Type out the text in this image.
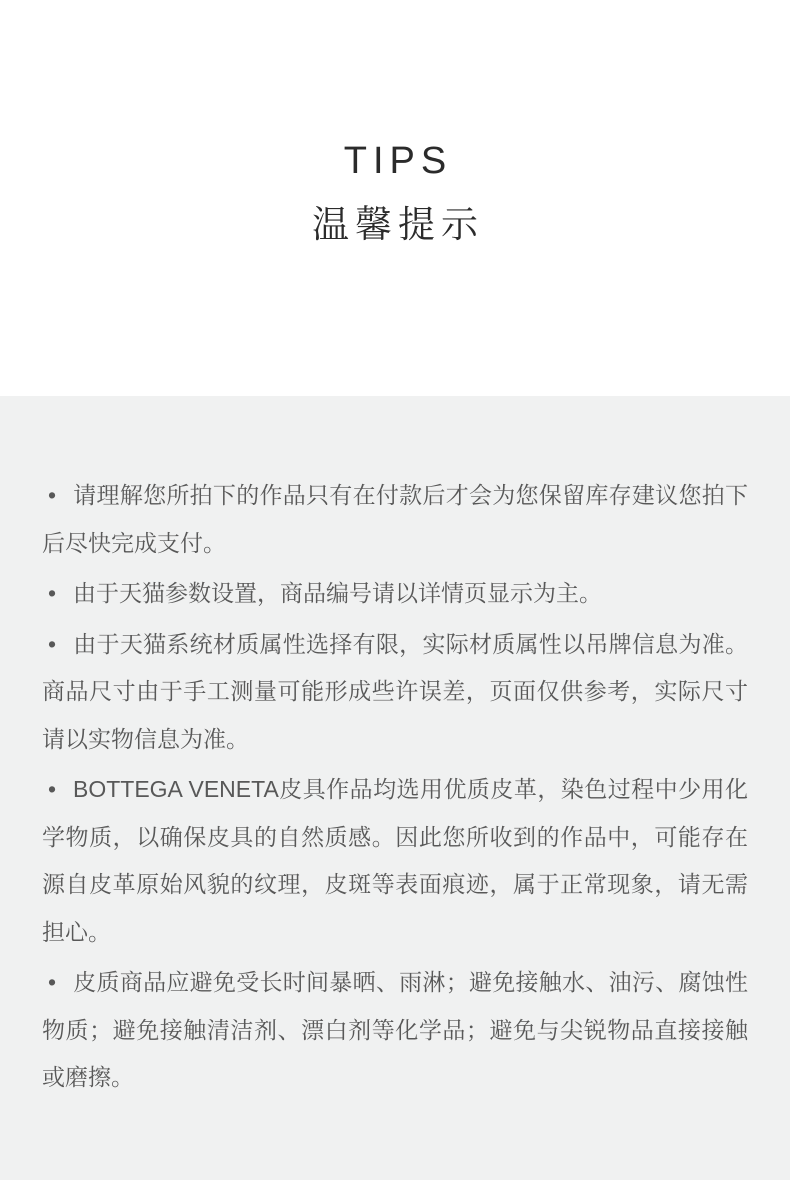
TIPS
温馨提示
• 请理解您所拍下的作品只有在付款后才会为您保留库存建议您拍下后尽快完成支付。
• 由于天猫参数设置，商品编号请以详情页显示为主。
• 由于天猫系统材质属性选择有限，实际材质属性以吊牌信息为准。商品尺寸由于手工测量可能形成些许误差，页面仅供参考，实际尺寸请以实物信息为准。
• BOTTEGA VENETA皮具作品均选用优质皮革，染色过程中少用化学物质，以确保皮具的自然质感。因此您所收到的作品中，可能存在源自皮革原始风貌的纹理，皮斑等表面痕迹，属于正常现象，请无需担心。
• 皮质商品应避免受长时间暴晒、雨淋；避免接触水、油污、腐蚀性物质；避免接触清洁剂、漂白剂等化学品；避免与尖锐物品直接接触或磨擦。
